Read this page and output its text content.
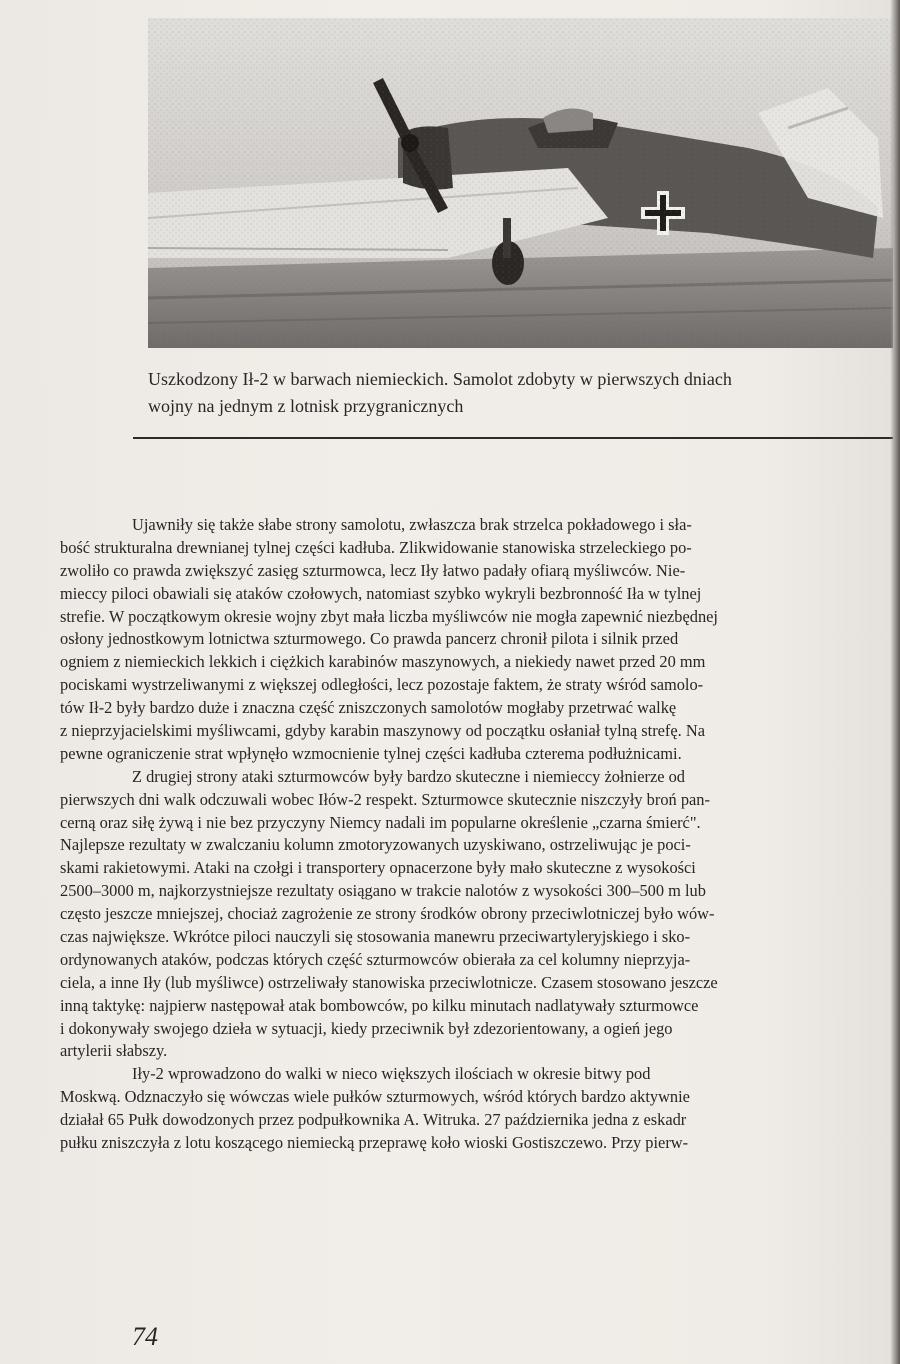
Uszkodzony Ił-2 w barwach niemieckich. Samolot zdobyty w pierwszych dniach

wojny na jednym z lotnisk przygranicznych

Ujawniły się także słabe strony samolotu, zwłaszcza brak strzelca pokładowego i sła-
bość strukturalna drewnianej tylnej części kadłuba. Zlikwidowanie stanowiska strzeleckiego po-
zwoliło co prawda zwiększyć zasięg szturmowca, lecz Iły łatwo padały ofiarą myśliwców. Nie-
mieccy piloci obawiali się ataków czołowych, natomiast szybko wykryli bezbronność Iła w tylnej
strefie. W początkowym okresie wojny zbyt mała liczba myśliwców nie mogła zapewnić niezbędnej
osłony jednostkowym lotnictwa szturmowego. Co prawda pancerz chronił pilota i silnik przed
ogniem z niemieckich lekkich i ciężkich karabinów maszynowych, a niekiedy nawet przed 20 mm
pociskami wystrzeliwanymi z większej odległości, lecz pozostaje faktem, że straty wśród samolo-
tów Ił-2 były bardzo duże i znaczna część zniszczonych samolotów mogłaby przetrwać walkę
z nieprzyjacielskimi myśliwcami, gdyby karabin maszynowy od początku osłaniał tylną strefę. Na
pewne ograniczenie strat wpłynęło wzmocnienie tylnej części kadłuba czterema podłużnicami.
Z drugiej strony ataki szturmowców były bardzo skuteczne i niemieccy żołnierze od
pierwszych dni walk odczuwali wobec Iłów-2 respekt. Szturmowce skutecznie niszczyły broń pan-
cerną oraz siłę żywą i nie bez przyczyny Niemcy nadali im popularne określenie „czarna śmierć".
Najlepsze rezultaty w zwalczaniu kolumn zmotoryzowanych uzyskiwano, ostrzeliwując je poci-
skami rakietowymi. Ataki na czołgi i transportery opnacerzone były mało skuteczne z wysokości
2500–3000 m, najkorzystniejsze rezultaty osiągano w trakcie nalotów z wysokości 300–500 m lub
często jeszcze mniejszej, chociaż zagrożenie ze strony środków obrony przeciwlotniczej było wów-
czas największe. Wkrótce piloci nauczyli się stosowania manewru przeciwartyleryjskiego i sko-
ordynowanych ataków, podczas których część szturmowców obierała za cel kolumny nieprzyja-
ciela, a inne Iły (lub myśliwce) ostrzeliwały stanowiska przeciwlotnicze. Czasem stosowano jeszcze
inną taktykę: najpierw następował atak bombowców, po kilku minutach nadlatywały szturmowce
i dokonywały swojego dzieła w sytuacji, kiedy przeciwnik był zdezorientowany, a ogień jego
artylerii słabszy.
Iły-2 wprowadzono do walki w nieco większych ilościach w okresie bitwy pod
Moskwą. Odznaczyło się wówczas wiele pułków szturmowych, wśród których bardzo aktywnie
działał 65 Pułk dowodzonych przez podpułkownika A. Witruka. 27 października jedna z eskadr
pułku zniszczyła z lotu koszącego niemiecką przeprawę koło wioski Gostiszczewo. Przy pierw-
74
